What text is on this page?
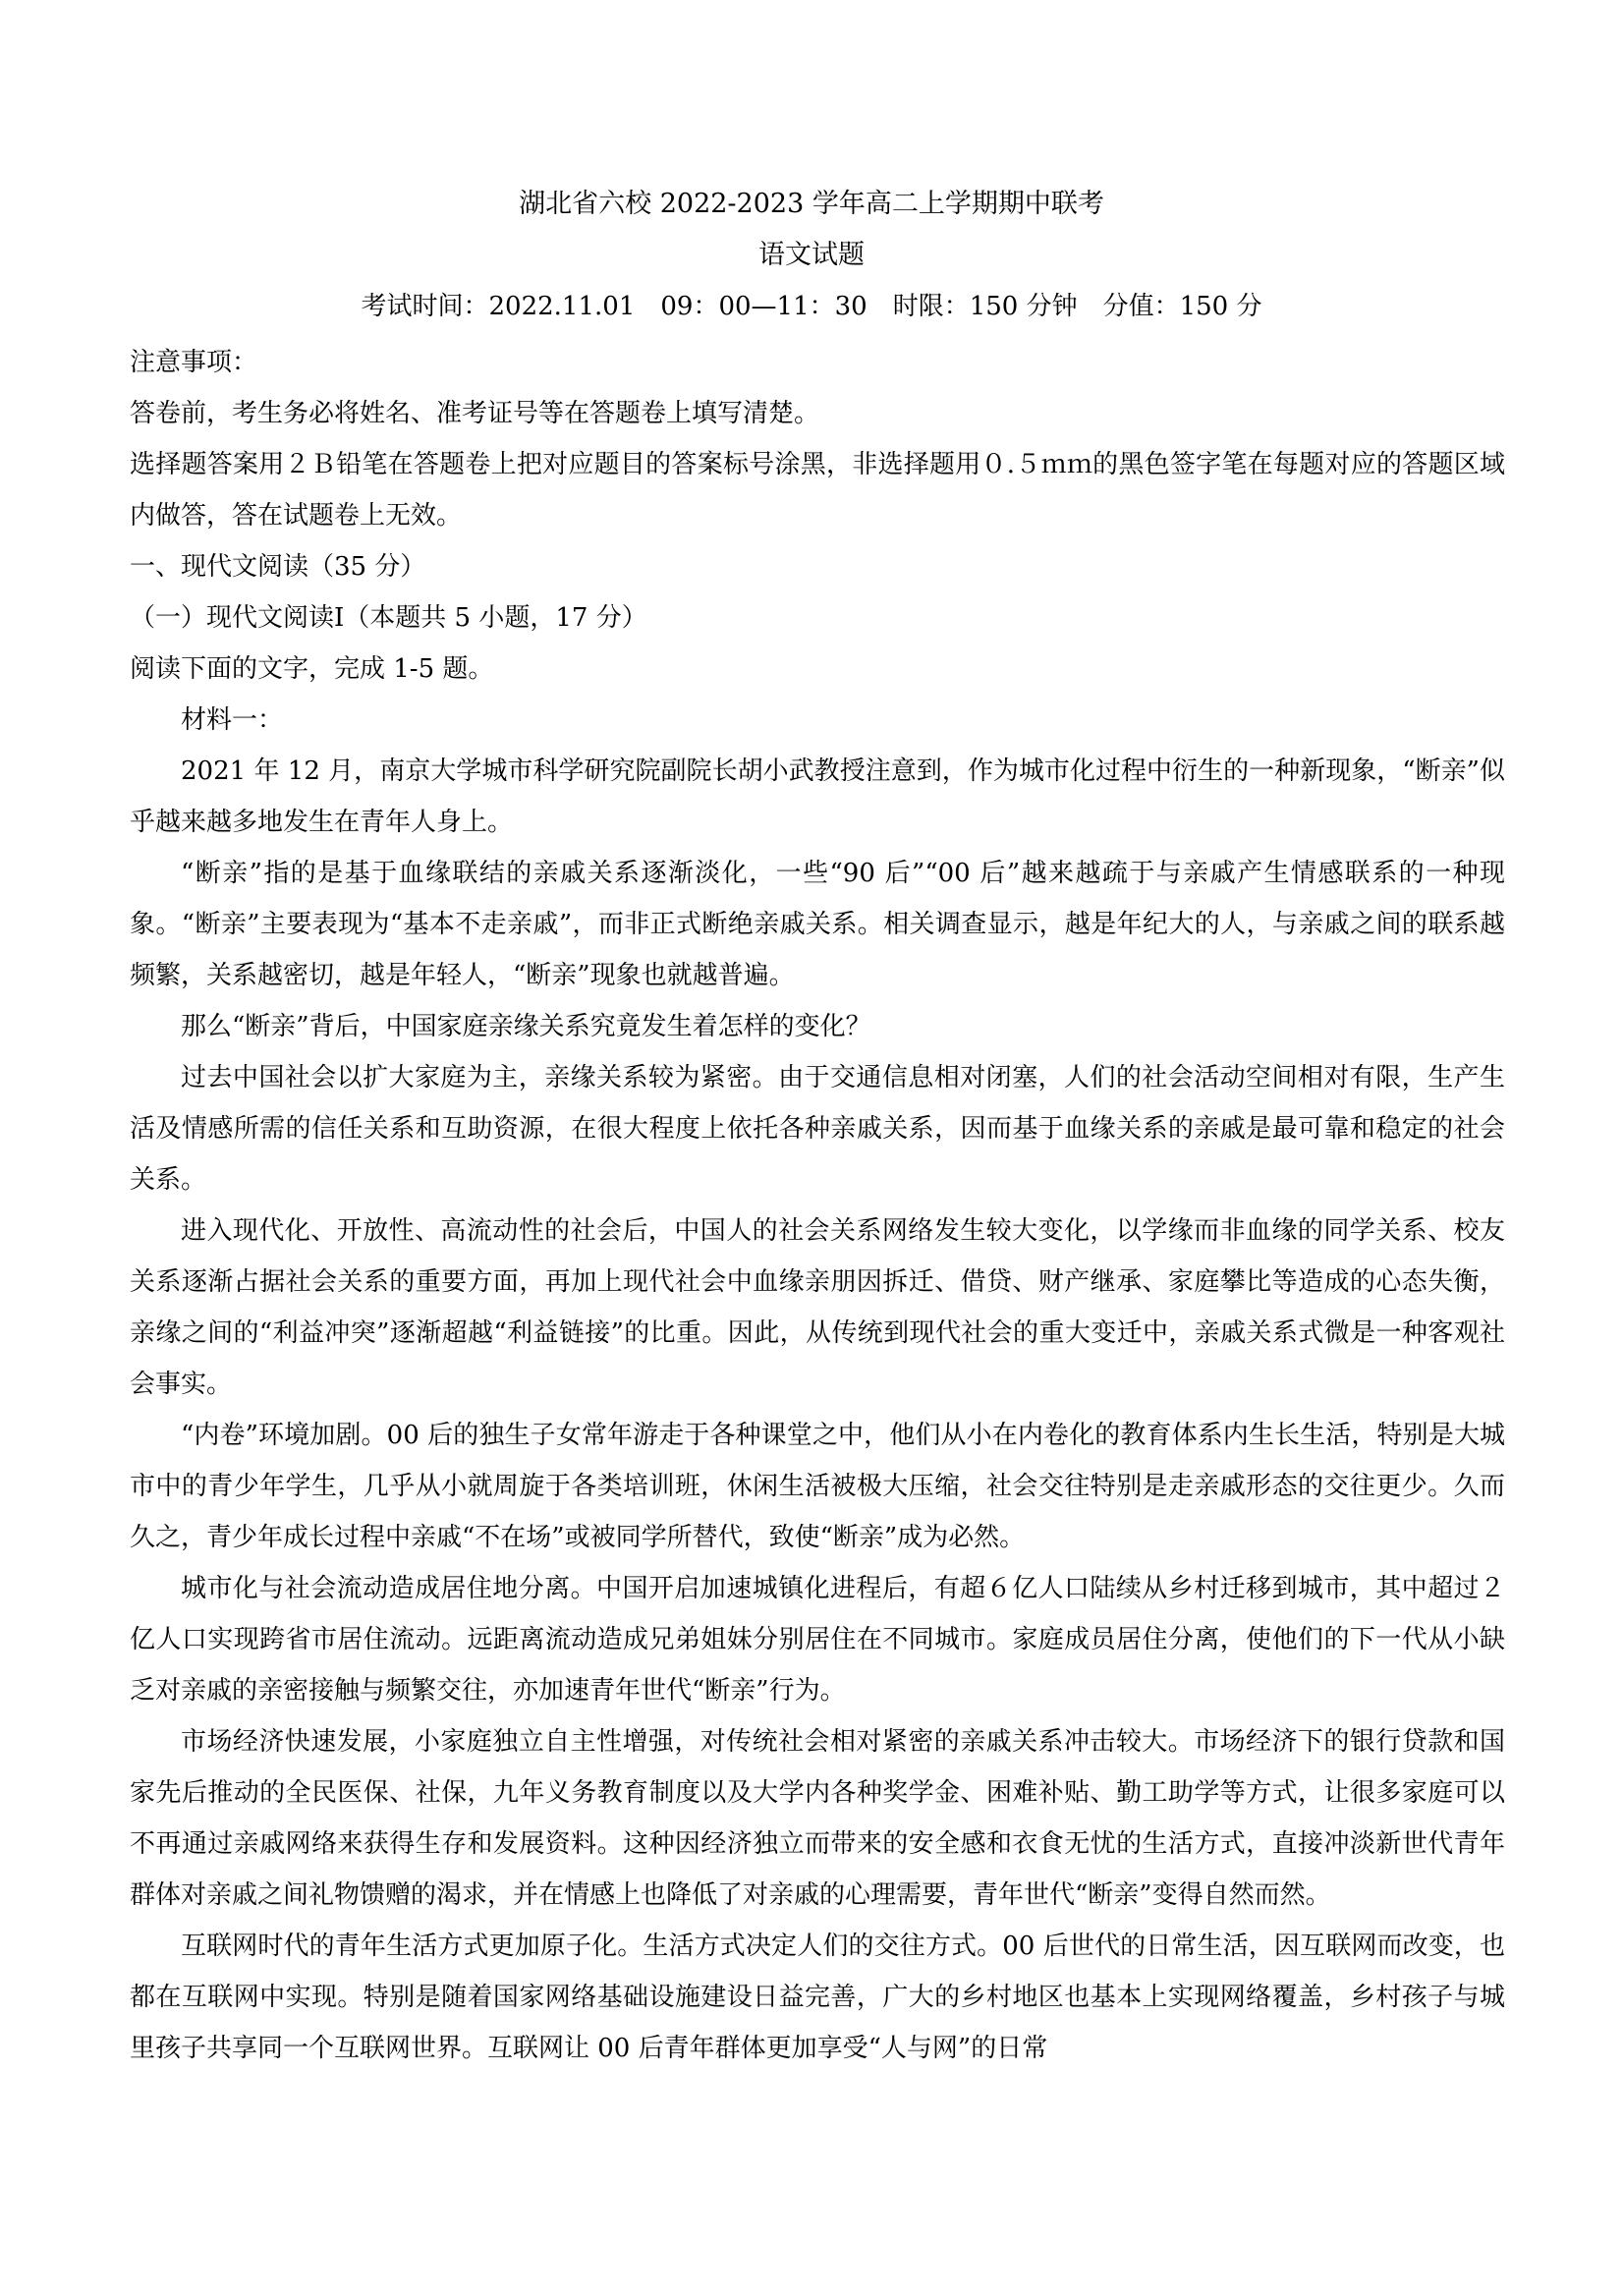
湖北省六校 2022-2023 学年高二上学期期中联考
语文试题
考试时间：2022.11.01　09：00—11：30　时限：150 分钟　分值：150 分

注意事项：

答卷前，考生务必将姓名、准考证号等在答题卷上填写清楚。

选择题答案用２Ｂ铅笔在答题卷上把对应题目的答案标号涂黑，非选择题用０.５ｍｍ的黑色签字笔在每题对应的答题区域内做答，答在试题卷上无效。

一、现代文阅读（35 分）

（一）现代文阅读Ⅰ（本题共 5 小题，17 分）

阅读下面的文字，完成 1-5 题。

材料一：

2021 年 12 月，南京大学城市科学研究院副院长胡小武教授注意到，作为城市化过程中衍生的一种新现象，“断亲”似乎越来越多地发生在青年人身上。

“断亲”指的是基于血缘联结的亲戚关系逐渐淡化，一些“90 后”“00 后”越来越疏于与亲戚产生情感联系的一种现象。“断亲”主要表现为“基本不走亲戚”，而非正式断绝亲戚关系。相关调查显示，越是年纪大的人，与亲戚之间的联系越频繁，关系越密切，越是年轻人，“断亲”现象也就越普遍。

那么“断亲”背后，中国家庭亲缘关系究竟发生着怎样的变化？

过去中国社会以扩大家庭为主，亲缘关系较为紧密。由于交通信息相对闭塞，人们的社会活动空间相对有限，生产生活及情感所需的信任关系和互助资源，在很大程度上依托各种亲戚关系，因而基于血缘关系的亲戚是最可靠和稳定的社会关系。

进入现代化、开放性、高流动性的社会后，中国人的社会关系网络发生较大变化，以学缘而非血缘的同学关系、校友关系逐渐占据社会关系的重要方面，再加上现代社会中血缘亲朋因拆迁、借贷、财产继承、家庭攀比等造成的心态失衡，亲缘之间的“利益冲突”逐渐超越“利益链接”的比重。因此，从传统到现代社会的重大变迁中，亲戚关系式微是一种客观社会事实。

“内卷”环境加剧。00 后的独生子女常年游走于各种课堂之中，他们从小在内卷化的教育体系内生长生活，特别是大城市中的青少年学生，几乎从小就周旋于各类培训班，休闲生活被极大压缩，社会交往特别是走亲戚形态的交往更少。久而久之，青少年成长过程中亲戚“不在场”或被同学所替代，致使“断亲”成为必然。

城市化与社会流动造成居住地分离。中国开启加速城镇化进程后，有超６亿人口陆续从乡村迁移到城市，其中超过２亿人口实现跨省市居住流动。远距离流动造成兄弟姐妹分别居住在不同城市。家庭成员居住分离，使他们的下一代从小缺乏对亲戚的亲密接触与频繁交往，亦加速青年世代“断亲”行为。

市场经济快速发展，小家庭独立自主性增强，对传统社会相对紧密的亲戚关系冲击较大。市场经济下的银行贷款和国家先后推动的全民医保、社保，九年义务教育制度以及大学内各种奖学金、困难补贴、勤工助学等方式，让很多家庭可以不再通过亲戚网络来获得生存和发展资料。这种因经济独立而带来的安全感和衣食无忧的生活方式，直接冲淡新世代青年群体对亲戚之间礼物馈赠的渴求，并在情感上也降低了对亲戚的心理需要，青年世代“断亲”变得自然而然。

互联网时代的青年生活方式更加原子化。生活方式决定人们的交往方式。00 后世代的日常生活，因互联网而改变，也都在互联网中实现。特别是随着国家网络基础设施建设日益完善，广大的乡村地区也基本上实现网络覆盖，乡村孩子与城里孩子共享同一个互联网世界。互联网让 00 后青年群体更加享受“人与网”的日常
